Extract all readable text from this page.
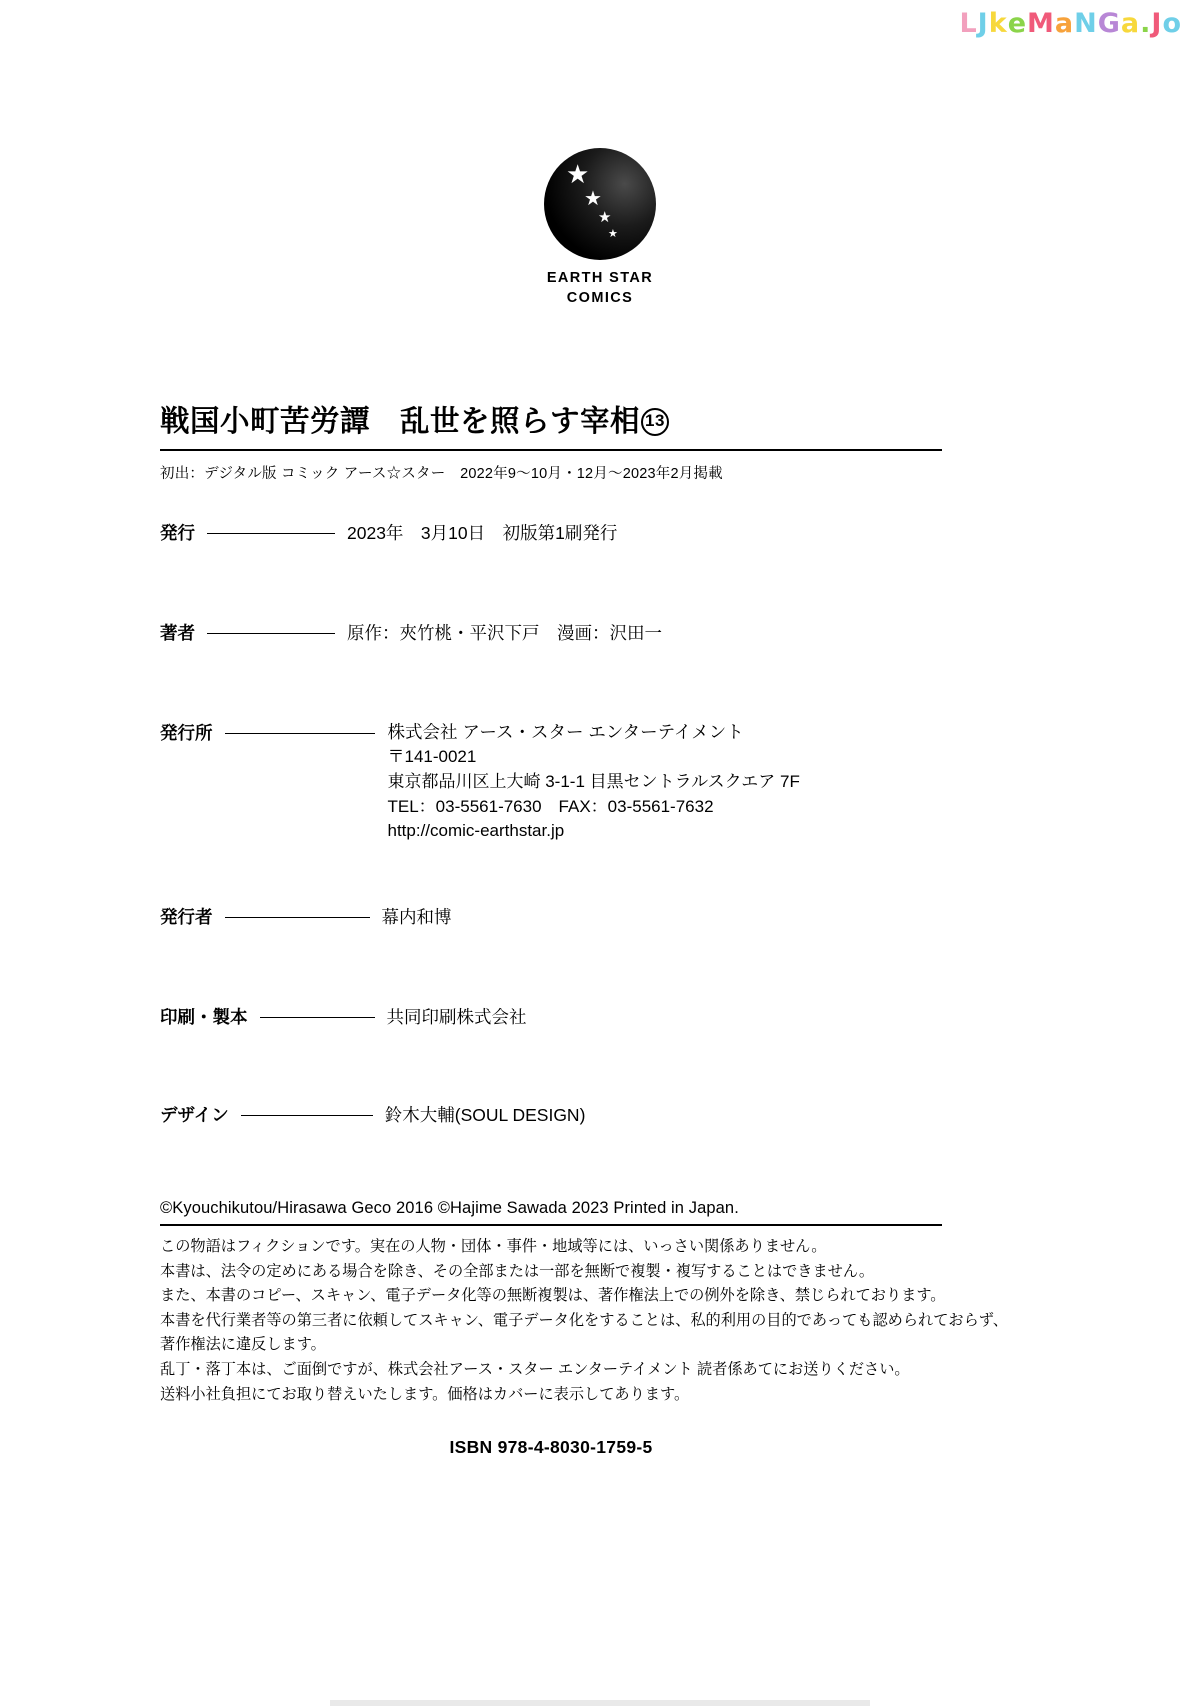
LJkeMaNGa.Jo
★
★
★
★
EARTH STAR
COMICS
戦国小町苦労譚　乱世を照らす宰相 13
初出：デジタル版 コミック アース☆スター　2022年9〜10月・12月〜2023年2月掲載
発行	2023年　3月10日　初版第1刷発行
著者	原作：夾竹桃・平沢下戸　漫画：沢田一
発行所	株式会社 アース・スター エンターテイメント
〒141-0021
東京都品川区上大崎 3-1-1 目黒セントラルスクエア 7F
TEL：03-5561-7630　FAX：03-5561-7632
http://comic-earthstar.jp
発行者	幕内和博
印刷・製本	共同印刷株式会社
デザイン	鈴木大輔(SOUL DESIGN)
©Kyouchikutou/Hirasawa Geco 2016 ©Hajime Sawada 2023 Printed in Japan.
この物語はフィクションです。実在の人物・団体・事件・地域等には、いっさい関係ありません。
本書は、法令の定めにある場合を除き、その全部または一部を無断で複製・複写することはできません。
また、本書のコピー、スキャン、電子データ化等の無断複製は、著作権法上での例外を除き、禁じられております。
本書を代行業者等の第三者に依頼してスキャン、電子データ化をすることは、私的利用の目的であっても認められておらず、
著作権法に違反します。
乱丁・落丁本は、ご面倒ですが、株式会社アース・スター エンターテイメント 読者係あてにお送りください。
送料小社負担にてお取り替えいたします。価格はカバーに表示してあります。
ISBN 978-4-8030-1759-5
